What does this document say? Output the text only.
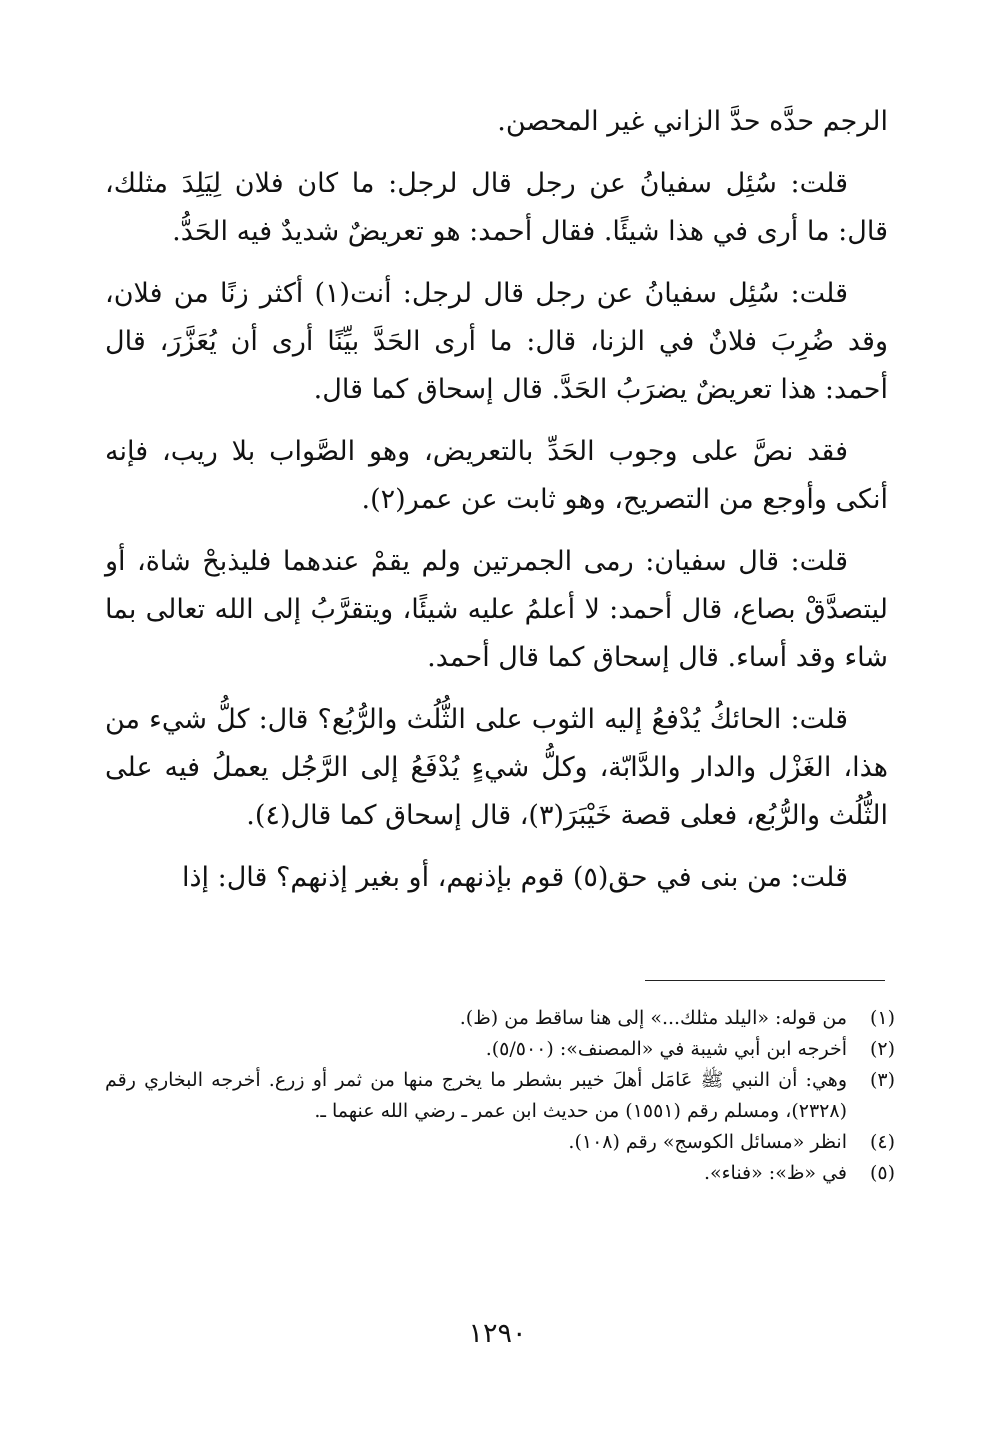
الرجم حدَّه حدَّ الزاني غير المحصن.

قلت: سُئِل سفيانُ عن رجل قال لرجل: ما كان فلان لِيَلِدَ مثلك، قال: ما أرى في هذا شيئًا. فقال أحمد: هو تعريضٌ شديدٌ فيه الحَدُّ.

قلت: سُئِل سفيانُ عن رجل قال لرجل: أنت(١) أكثر زنًا من فلان، وقد ضُرِبَ فلانٌ في الزنا، قال: ما أرى الحَدَّ بيِّنًا أرى أن يُعَزَّرَ، قال أحمد: هذا تعريضٌ يضرَبُ الحَدَّ. قال إسحاق كما قال.

فقد نصَّ على وجوب الحَدِّ بالتعريض، وهو الصَّواب بلا ريب، فإنه أنكى وأوجع من التصريح، وهو ثابت عن عمر(٢).

قلت: قال سفيان: رمى الجمرتين ولم يقمْ عندهما فليذبحْ شاة، أو ليتصدَّقْ بصاع، قال أحمد: لا أعلمُ عليه شيئًا، ويتقرَّبُ إلى الله تعالى بما شاء وقد أساء. قال إسحاق كما قال أحمد.

قلت: الحائكُ يُدْفعُ إليه الثوب على الثُّلُث والرُّبُع؟ قال: كلُّ شيء من هذا، الغَزْل والدار والدَّابّة، وكلُّ شيءٍ يُدْفَعُ إلى الرَّجُل يعملُ فيه على الثُّلُث والرُّبُع، فعلى قصة خَيْبَرَ(٣)، قال إسحاق كما قال(٤).

قلت: من بنى في حق(٥) قوم بإذنهم، أو بغير إذنهم؟ قال: إذا

(١)
من قوله: «اليلد مثلك...» إلى هنا ساقط من (ظ).
(٢)
أخرجه ابن أبي شيبة في «المصنف»: (٥/٥٠٠).
(٣)
وهي: أن النبي ﷺ عَامَل أهلَ خيبر بشطر ما يخرج منها من ثمر أو زرع. أخرجه البخاري رقم (٢٣٢٨)، ومسلم رقم (١٥٥١) من حديث ابن عمر ـ رضي الله عنهما ـ.
(٤)
انظر «مسائل الكوسج» رقم (١٠٨).
(٥)
في «ظ»: «فناء».
١٢٩٠
